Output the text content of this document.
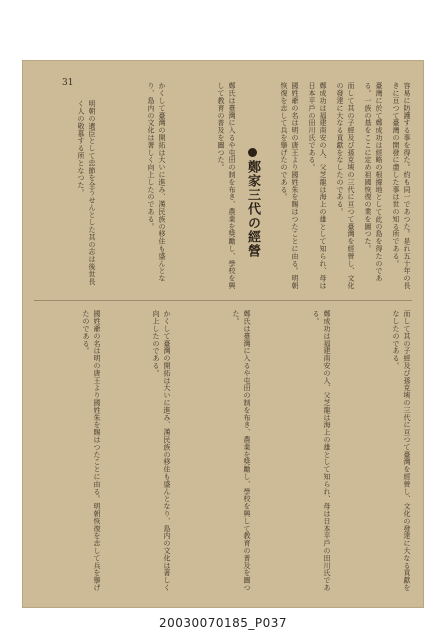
31	容易に防護する事を得た。約も同一であつた。是れ五十年の長きに亘つて臺灣の開發に盡した事は世の知る所である。
臺灣に於て鄭成功は經略の根據地として此の島を得たのである。一族の基をここに定め祖國恢復の業を圖つた。
而して其の子經及び孫克塽の三代に亘つて臺灣を經營し、文化の發達に大なる貢獻をなしたのである。
鄭成功は福建南安の人、父芝龍は海上の雄として知られ、母は日本平戶の田川氏である。
國姓爺の名は明の唐王より國姓朱を賜はつたことに由る。明朝恢復を志して兵を擧げたのである。
鄭家三代の經營
鄭氏は臺灣に入るや屯田の制を布き、農業を獎勵し、學校を興して教育の普及を圖つた。
かくして臺灣の開拓は大いに進み、漢民族の移住も盛んとなり、島内の文化は著しく向上したのである。
明朝の遺臣として忠節を全うせんとした其の志は後世長く人の敬慕する所となつた。
而して其の子經及び孫克塽の三代に亘つて臺灣を經營し、文化の發達に大なる貢獻をなしたのである。
鄭成功は福建南安の人、父芝龍は海上の雄として知られ、母は日本平戶の田川氏である。
鄭氏は臺灣に入るや屯田の制を布き、農業を獎勵し、學校を興して教育の普及を圖つた。
かくして臺灣の開拓は大いに進み、漢民族の移住も盛んとなり、島内の文化は著しく向上したのである。
國姓爺の名は明の唐王より國姓朱を賜はつたことに由る。明朝恢復を志して兵を擧げたのである。
20030070185_P037
